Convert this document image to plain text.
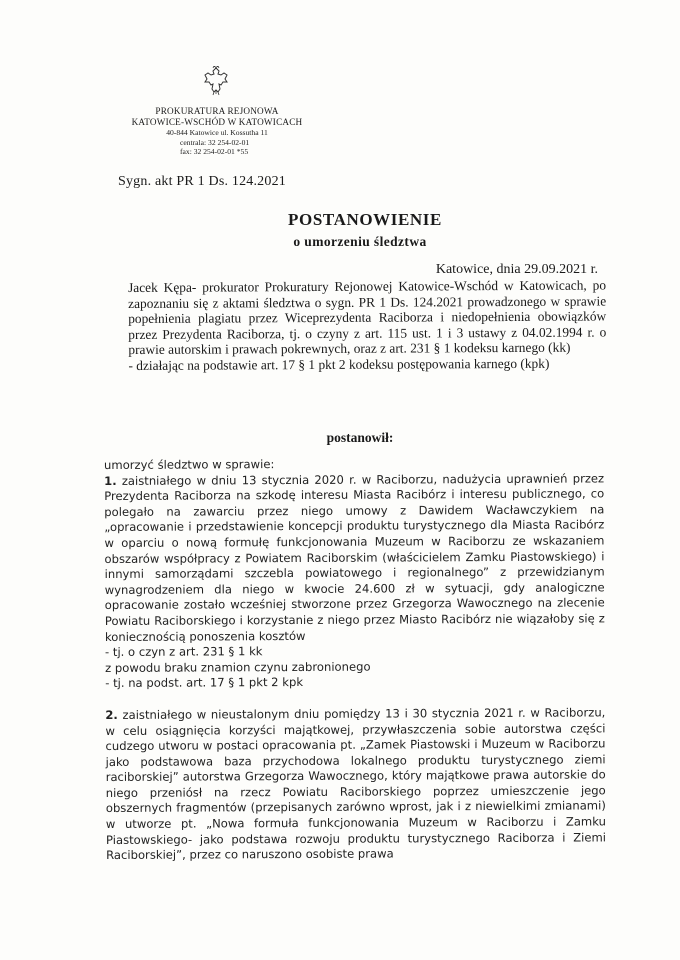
PROKURATURA REJONOWA
KATOWICE-WSCHÓD W KATOWICACH
40-844 Katowice ul. Kossutha 11
centrala: 32 254-02-01
fax: 32 254-02-01 *55
Sygn. akt PR 1 Ds. 124.2021
POSTANOWIENIE
o umorzeniu śledztwa
Katowice, dnia 29.09.2021 r.

Jacek Kępa- prokurator Prokuratury Rejonowej Katowice-Wschód w Katowicach, po zapoznaniu się z aktami śledztwa o sygn. PR 1 Ds. 124.2021 prowadzonego w sprawie popełnienia plagiatu przez Wiceprezydenta Raciborza i niedopełnienia obowiązków przez Prezydenta Raciborza, tj. o czyny z art. 115 ust. 1 i 3 ustawy z 04.02.1994 r. o prawie autorskim i prawach pokrewnych, oraz z art. 231 § 1 kodeksu karnego (kk)

- działając na podstawie art. 17 § 1 pkt 2 kodeksu postępowania karnego (kpk)

postanowił:

umorzyć śledztwo w sprawie:

1. zaistniałego w dniu 13 stycznia 2020 r. w Raciborzu, nadużycia uprawnień przez Prezydenta Raciborza na szkodę interesu Miasta Racibórz i interesu publicznego, co polegało na zawarciu przez niego umowy z Dawidem Wacławczykiem na „opracowanie i przedstawienie koncepcji produktu turystycznego dla Miasta Racibórz w oparciu o nową formułę funkcjonowania Muzeum w Raciborzu ze wskazaniem obszarów współpracy z Powiatem Raciborskim (właścicielem Zamku Piastowskiego) i innymi samorządami szczebla powiatowego i regionalnego” z przewidzianym wynagrodzeniem dla niego w kwocie 24.600 zł w sytuacji, gdy analogiczne opracowanie zostało wcześniej stworzone przez Grzegorza Wawocznego na zlecenie Powiatu Raciborskiego i korzystanie z niego przez Miasto Racibórz nie wiązałoby się z koniecznością ponoszenia kosztów

- tj. o czyn z art. 231 § 1 kk

z powodu braku znamion czynu zabronionego

- tj. na podst. art. 17 § 1 pkt 2 kpk

2. zaistniałego w nieustalonym dniu pomiędzy 13 i 30 stycznia 2021 r. w Raciborzu, w celu osiągnięcia korzyści majątkowej, przywłaszczenia sobie autorstwa części cudzego utworu w postaci opracowania pt. „Zamek Piastowski i Muzeum w Raciborzu jako podstawowa baza przychodowa lokalnego produktu turystycznego ziemi raciborskiej” autorstwa Grzegorza Wawocznego, który majątkowe prawa autorskie do niego przeniósł na rzecz Powiatu Raciborskiego poprzez umieszczenie jego obszernych fragmentów (przepisanych zarówno wprost, jak i z niewielkimi zmianami) w utworze pt. „Nowa formuła funkcjonowania Muzeum w Raciborzu i Zamku Piastowskiego- jako podstawa rozwoju produktu turystycznego Raciborza i Ziemi Raciborskiej”, przez co naruszono osobiste prawa
